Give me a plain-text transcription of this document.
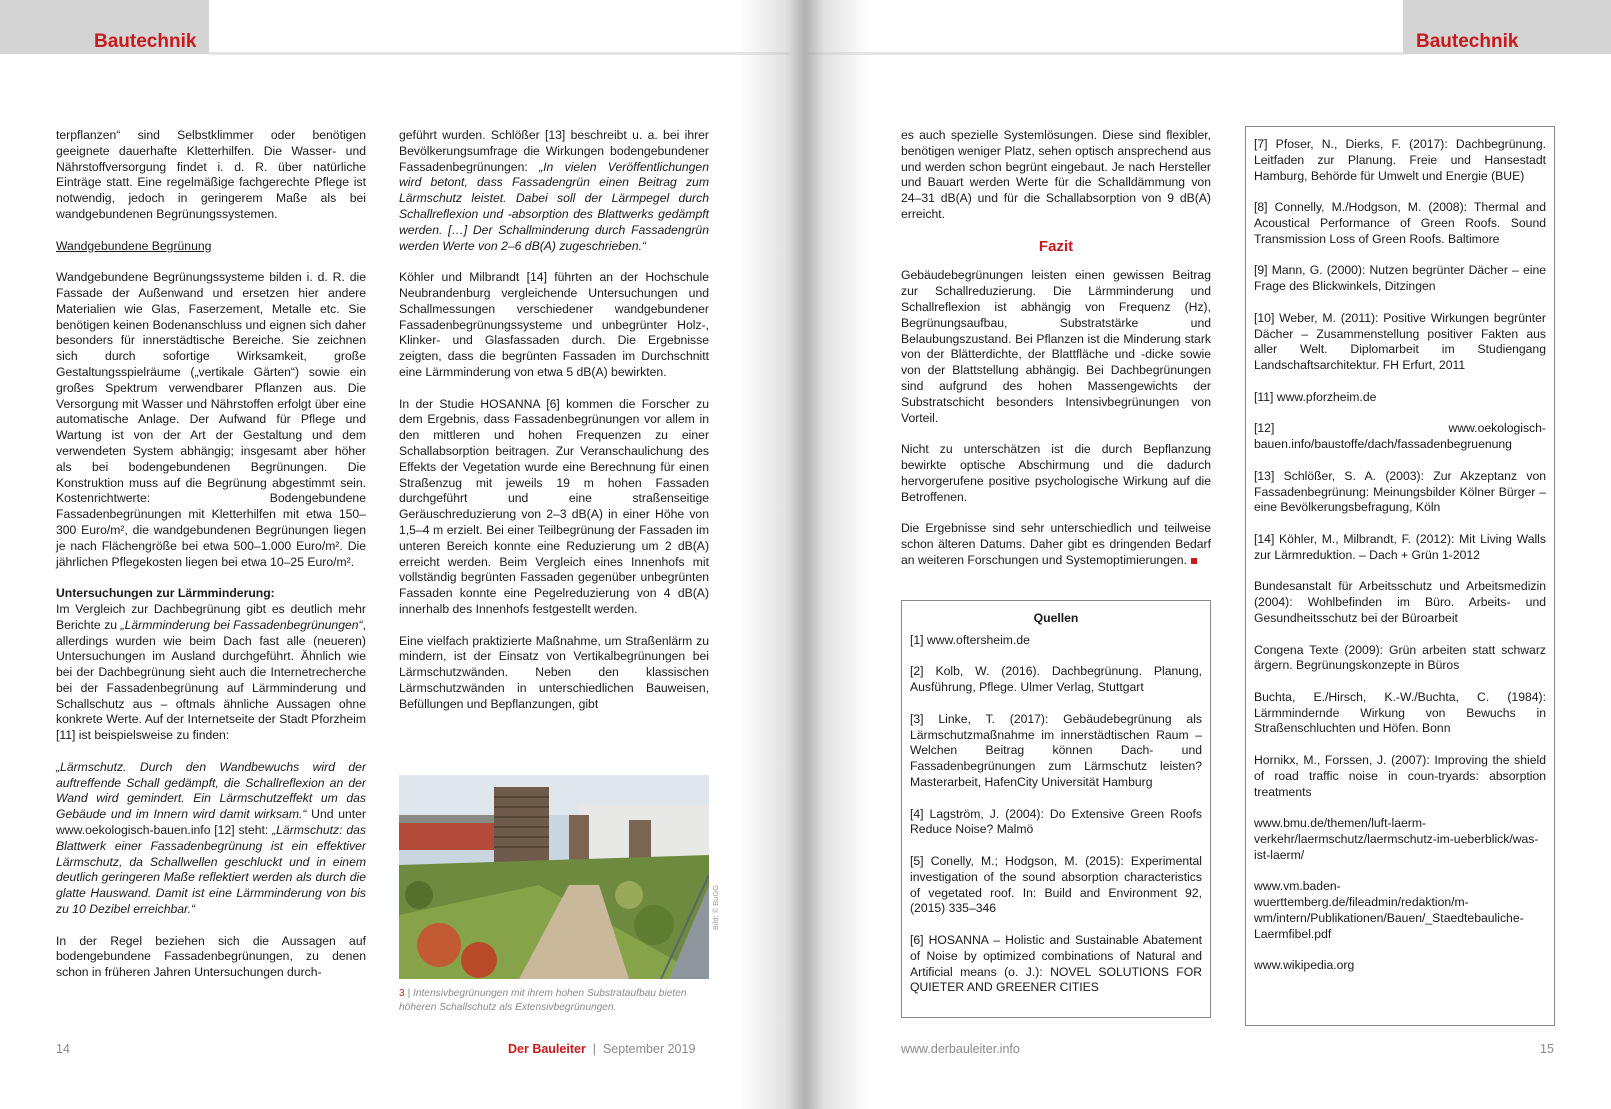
Bautechnik

terpflanzen“ sind Selbstklimmer oder benötigen geeignete dauerhafte Kletterhilfen. Die Wasser- und Nährstoffversorgung findet i. d. R. über natürliche Einträge statt. Eine regelmäßige fachgerechte Pflege ist notwendig, jedoch in geringerem Maße als bei wandgebundenen Begrünungssystemen.

Wandgebundene Begrünung

Wandgebundene Begrünungssysteme bilden i. d. R. die Fassade der Außenwand und ersetzen hier andere Materialien wie Glas, Faserzement, Metalle etc. Sie benötigen keinen Bodenanschluss und eignen sich daher besonders für innerstädtische Bereiche. Sie zeichnen sich durch sofortige Wirksamkeit, große Gestaltungsspielräume („vertikale Gärten“) sowie ein großes Spektrum verwendbarer Pflanzen aus. Die Versorgung mit Wasser und Nährstoffen erfolgt über eine automatische Anlage. Der Aufwand für Pflege und Wartung ist von der Art der Gestaltung und dem verwendeten System abhängig; insgesamt aber höher als bei bodengebundenen Begrünungen. Die Konstruktion muss auf die Begrünung abgestimmt sein. Kostenrichtwerte: Bodengebundene Fassadenbegrünungen mit Kletterhilfen mit etwa 150–300 Euro/m², die wandgebundenen Begrünungen liegen je nach Flächengröße bei etwa 500–1.000 Euro/m². Die jährlichen Pflegekosten liegen bei etwa 10–25 Euro/m².

Untersuchungen zur Lärmminderung:

Im Vergleich zur Dachbegrünung gibt es deutlich mehr Berichte zu „Lärmminderung bei Fassadenbegrünungen“, allerdings wurden wie beim Dach fast alle (neueren) Untersuchungen im Ausland durchgeführt. Ähnlich wie bei der Dachbegrünung sieht auch die Internetrecherche bei der Fassadenbegrünung auf Lärmminderung und Schallschutz aus – oftmals ähnliche Aussagen ohne konkrete Werte. Auf der Internetseite der Stadt Pforzheim [11] ist beispielsweise zu finden:

„Lärmschutz. Durch den Wandbewuchs wird der auftreffende Schall gedämpft, die Schallreflexion an der Wand wird gemindert. Ein Lärmschutzeffekt um das Gebäude und im Innern wird damit wirksam.“ Und unter www.oekologisch-bauen.info [12] steht: „Lärmschutz: das Blattwerk einer Fassadenbegrünung ist ein effektiver Lärmschutz, da Schallwellen geschluckt und in einem deutlich geringeren Maße reflektiert werden als durch die glatte Hauswand. Damit ist eine Lärmminderung von bis zu 10 Dezibel erreichbar.“

In der Regel beziehen sich die Aussagen auf bodengebundene Fassadenbegrünungen, zu denen schon in früheren Jahren Untersuchungen durch-

geführt wurden. Schlößer [13] beschreibt u. a. bei ihrer Bevölkerungsumfrage die Wirkungen bodengebundener Fassadenbegrünungen: „In vielen Veröffentlichungen wird betont, dass Fassadengrün einen Beitrag zum Lärmschutz leistet. Dabei soll der Lärmpegel durch Schallreflexion und -absorption des Blattwerks gedämpft werden. […] Der Schallminderung durch Fassadengrün werden Werte von 2–6 dB(A) zugeschrieben.“

Köhler und Milbrandt [14] führten an der Hochschule Neubrandenburg vergleichende Untersuchungen und Schallmessungen verschiedener wandgebundener Fassadenbegrünungssysteme und unbegrünter Holz-, Klinker- und Glasfassaden durch. Die Ergebnisse zeigten, dass die begrünten Fassaden im Durchschnitt eine Lärmminderung von etwa 5 dB(A) bewirkten.

In der Studie HOSANNA [6] kommen die Forscher zu dem Ergebnis, dass Fassadenbegrünungen vor allem in den mittleren und hohen Frequenzen zu einer Schallabsorption beitragen. Zur Veranschaulichung des Effekts der Vegetation wurde eine Berechnung für einen Straßenzug mit jeweils 19 m hohen Fassaden durchgeführt und eine straßenseitige Geräuschreduzierung von 2–3 dB(A) in einer Höhe von 1,5–4 m erzielt. Bei einer Teilbegrünung der Fassaden im unteren Bereich konnte eine Reduzierung um 2 dB(A) erreicht werden. Beim Vergleich eines Innenhofs mit vollständig begrünten Fassaden gegenüber unbegrünten Fassaden konnte eine Pegelreduzierung von 4 dB(A) innerhalb des Innenhofs festgestellt werden.

Eine vielfach praktizierte Maßnahme, um Straßenlärm zu mindern, ist der Einsatz von Vertikalbegrünungen bei Lärmschutzwänden. Neben den klassischen Lärmschutzwänden in unterschiedlichen Bauweisen, Befüllungen und Bepflanzungen, gibt

Bild: © BuGG
3 | Intensivbegrünungen mit ihrem hohen Substrataufbau bieten höheren Schallschutz als Extensivbegrünungen.
14	Der Bauleiter | September 2019
Bautechnik

es auch spezielle Systemlösungen. Diese sind flexibler, benötigen weniger Platz, sehen optisch ansprechend aus und werden schon begrünt eingebaut. Je nach Hersteller und Bauart werden Werte für die Schalldämmung von 24–31 dB(A) und für die Schallabsorption von 9 dB(A) erreicht.

Fazit

Gebäudebegrünungen leisten einen gewissen Beitrag zur Schallreduzierung. Die Lärmminderung und Schallreflexion ist abhängig von Frequenz (Hz), Begrünungsaufbau, Substratstärke und Belaubungszustand. Bei Pflanzen ist die Minderung stark von der Blätterdichte, der Blattfläche und -dicke sowie von der Blattstellung abhängig. Bei Dachbegrünungen sind aufgrund des hohen Massengewichts der Substratschicht besonders Intensivbegrünungen von Vorteil.

Nicht zu unterschätzen ist die durch Bepflanzung bewirkte optische Abschirmung und die dadurch hervorgerufene positive psychologische Wirkung auf die Betroffenen.

Die Ergebnisse sind sehr unterschiedlich und teilweise schon älteren Datums. Daher gibt es dringenden Bedarf an weiteren Forschungen und Systemoptimierungen.

Quellen

[1] www.oftersheim.de

[2] Kolb, W. (2016). Dachbegrünung. Planung, Ausführung, Pflege. Ulmer Verlag, Stuttgart

[3] Linke, T. (2017): Gebäudebegrünung als Lärmschutzmaßnahme im innerstädtischen Raum – Welchen Beitrag können Dach- und Fassadenbegrünungen zum Lärmschutz leisten? Masterarbeit, HafenCity Universität Hamburg

[4] Lagström, J. (2004): Do Extensive Green Roofs Reduce Noise? Malmö

[5] Conelly, M.; Hodgson, M. (2015): Experimental investigation of the sound absorption characteristics of vegetated roof. In: Build and Environment 92, (2015) 335–346

[6] HOSANNA – Holistic and Sustainable Abatement of Noise by optimized combinations of Natural and Artificial means (o. J.): NOVEL SOLUTIONS FOR QUIETER AND GREENER CITIES

[7] Pfoser, N., Dierks, F. (2017): Dachbegrünung. Leitfaden zur Planung. Freie und Hansestadt Hamburg, Behörde für Umwelt und Energie (BUE)

[8] Connelly, M./Hodgson, M. (2008): Thermal and Acoustical Performance of Green Roofs. Sound Transmission Loss of Green Roofs. Baltimore

[9] Mann, G. (2000): Nutzen begrünter Dächer – eine Frage des Blickwinkels, Ditzingen

[10] Weber, M. (2011): Positive Wirkungen begrünter Dächer – Zusammenstellung positiver Fakten aus aller Welt. Diplomarbeit im Studiengang Landschaftsarchitektur. FH Erfurt, 2011

[11] www.pforzheim.de

[12] www.oekologisch-bauen.info/baustoffe/dach/fassadenbegruenung

[13] Schlößer, S. A. (2003): Zur Akzeptanz von Fassadenbegrünung: Meinungsbilder Kölner Bürger – eine Bevölkerungsbefragung, Köln

[14] Köhler, M., Milbrandt, F. (2012): Mit Living Walls zur Lärmreduktion. – Dach + Grün 1-2012

Bundesanstalt für Arbeitsschutz und Arbeitsmedizin (2004): Wohlbefinden im Büro. Arbeits- und Gesundheitsschutz bei der Büroarbeit

Congena Texte (2009): Grün arbeiten statt schwarz ärgern. Begrünungskonzepte in Büros

Buchta, E./Hirsch, K.-W./Buchta, C. (1984): Lärmmindernde Wirkung von Bewuchs in Straßenschluchten und Höfen. Bonn

Hornikx, M., Forssen, J. (2007): Improving the shield of road traffic noise in coun-tryards: absorption treatments

www.bmu.de/themen/luft-laerm-verkehr/laermschutz/laermschutz-im-ueberblick/was-ist-laerm/

www.vm.baden-wuerttemberg.de/fileadmin/redaktion/m-wm/intern/Publikationen/Bauen/_Staedtebauliche-Laermfibel.pdf

www.wikipedia.org

www.derbauleiter.info	15
